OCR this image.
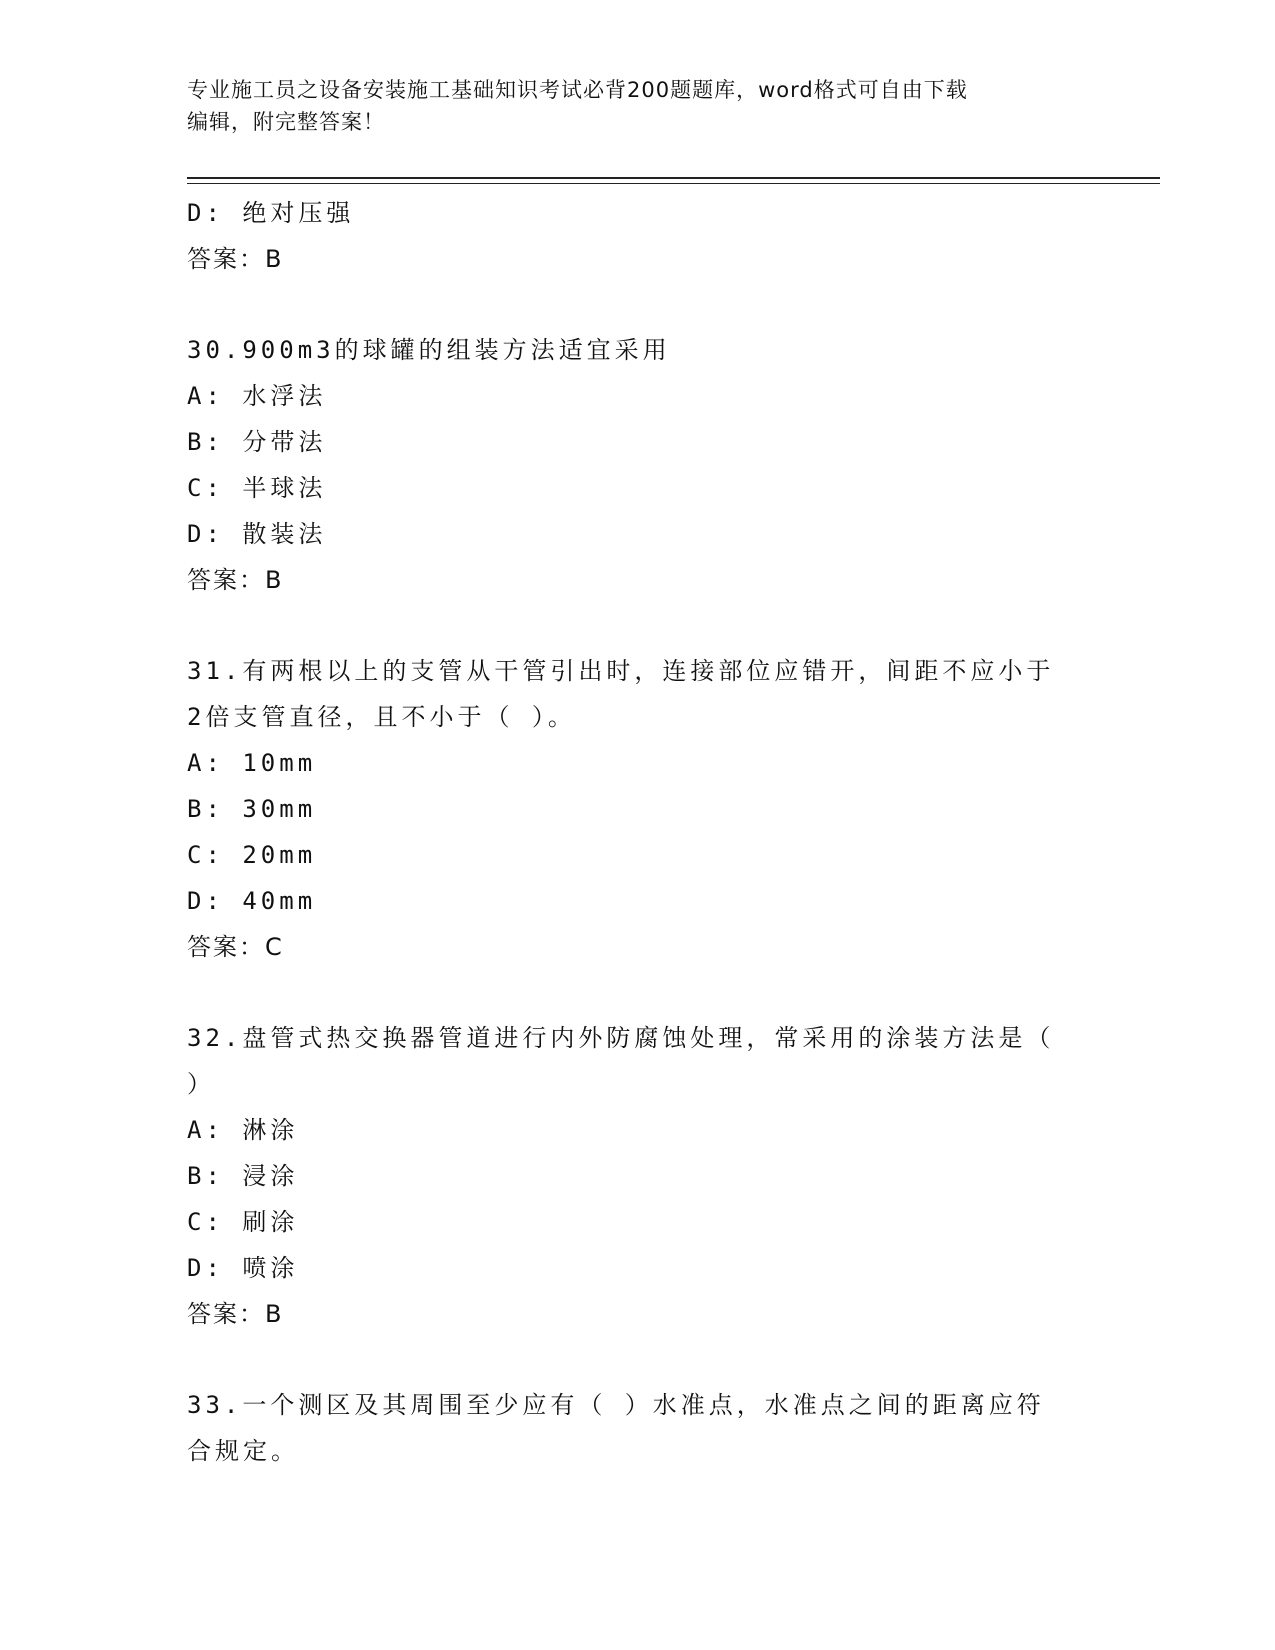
专业施工员之设备安装施工基础知识考试必背200题题库，word格式可自由下载
编辑，附完整答案！
D: 绝对压强
答案：B
30.900m3的球罐的组装方法适宜采用
A: 水浮法
B: 分带法
C: 半球法
D: 散装法
答案：B
31.有两根以上的支管从干管引出时，连接部位应错开，间距不应小于
2倍支管直径，且不小于（ ）。
A: 10mm
B: 30mm
C: 20mm
D: 40mm
答案：C
32.盘管式热交换器管道进行内外防腐蚀处理，常采用的涂装方法是（
）
A: 淋涂
B: 浸涂
C: 刷涂
D: 喷涂
答案：B
33.一个测区及其周围至少应有（ ）水准点，水准点之间的距离应符
合规定。
